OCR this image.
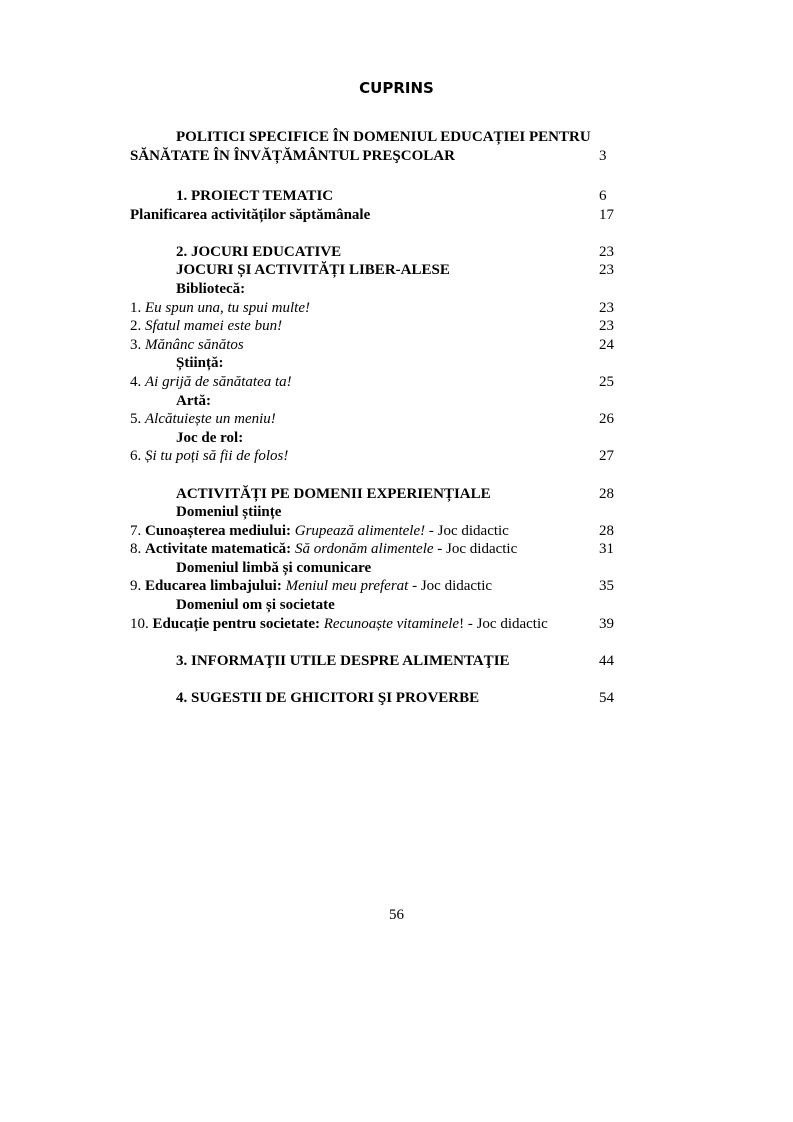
CUPRINS
POLITICI SPECIFICE ÎN DOMENIUL EDUCAȚIEI PENTRU
SĂNĂTATE ÎN ÎNVĂȚĂMÂNTUL PREŞCOLAR	3
1. PROIECT TEMATIC	6
Planificarea activităților săptămânale	17
2. JOCURI EDUCATIVE	23
JOCURI ȘI ACTIVITĂȚI LIBER-ALESE	23
Bibliotecă:
1. Eu spun una, tu spui multe!	23
2. Sfatul mamei este bun!	23
3. Mănânc sănătos	24
Știință:
4. Ai grijă de sănătatea ta!	25
Artă:
5. Alcătuiește un meniu!	26
Joc de rol:
6. Și tu poți să fii de folos!	27
ACTIVITĂȚI PE DOMENII EXPERIENȚIALE	28
Domeniul științe
7. Cunoașterea mediului: Grupează alimentele! - Joc didactic	28
8. Activitate matematică: Să ordonăm alimentele - Joc didactic	31
Domeniul limbă și comunicare
9. Educarea limbajului: Meniul meu preferat - Joc didactic	35
Domeniul om și societate
10. Educație pentru societate: Recunoaște vitaminele! - Joc didactic	39
3. INFORMAŢII UTILE DESPRE ALIMENTAŢIE	44
4. SUGESTII DE GHICITORI ŞI PROVERBE	54
56
